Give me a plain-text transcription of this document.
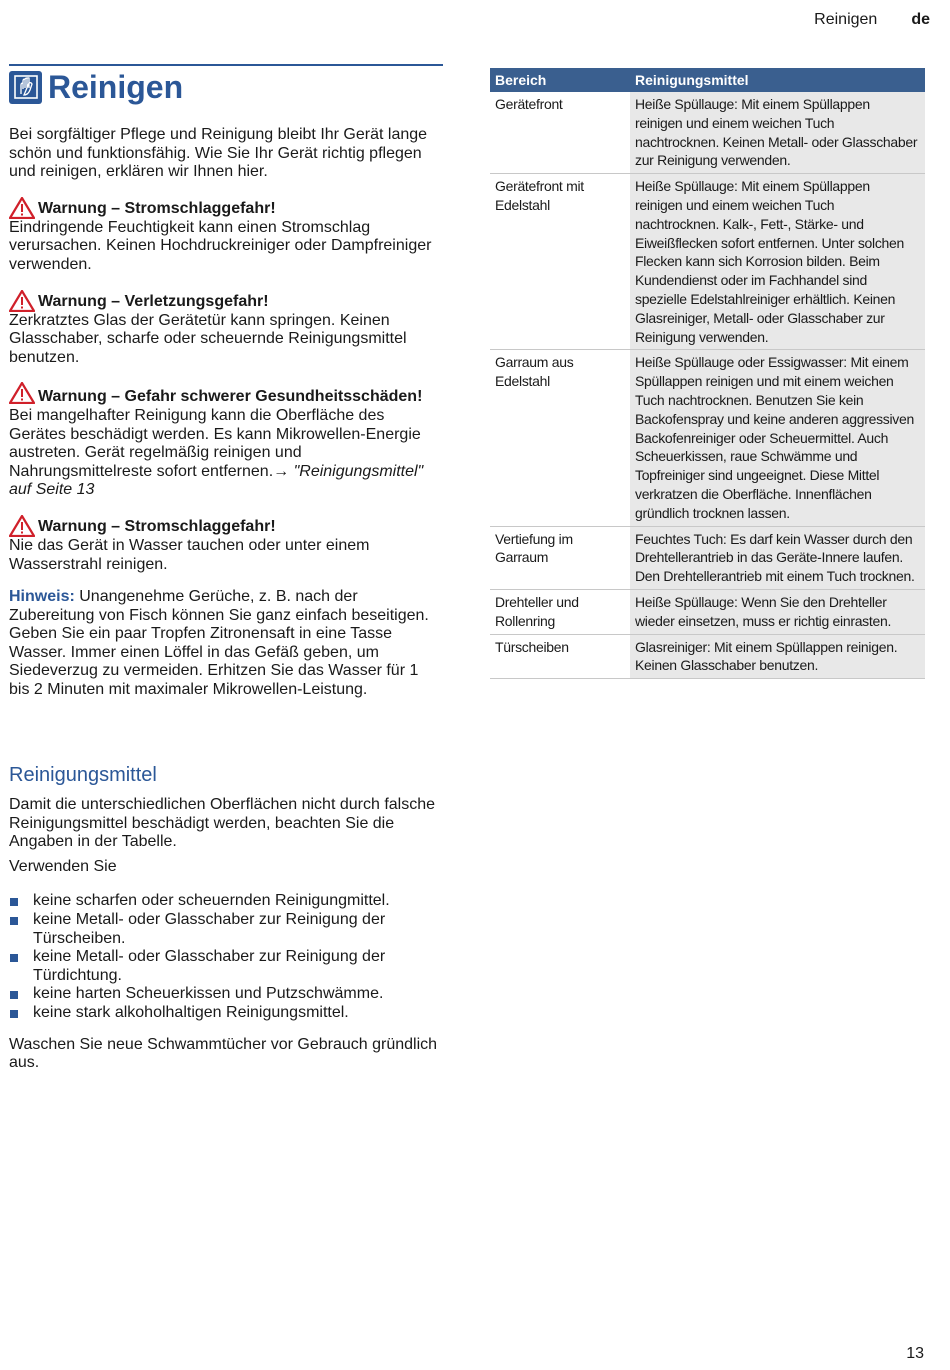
Reinigen de
Reinigen

Bei sorgfältiger Pflege und Reinigung bleibt Ihr Gerät lange schön und funktionsfähig. Wie Sie Ihr Gerät richtig pflegen und reinigen, erklären wir Ihnen hier.

Warnung – Stromschlaggefahr!

Eindringende Feuchtigkeit kann einen Stromschlag verursachen. Keinen Hochdruckreiniger oder Dampfreiniger verwenden.

Warnung – Verletzungsgefahr!

Zerkratztes Glas der Gerätetür kann springen. Keinen Glasschaber, scharfe oder scheuernde Reinigungsmittel benutzen.

Warnung – Gefahr schwerer Gesundheitsschäden!

Bei mangelhafter Reinigung kann die Oberfläche des Gerätes beschädigt werden. Es kann Mikrowellen-Energie austreten. Gerät regelmäßig reinigen und Nahrungsmittelreste sofort entfernen.→ "Reinigungsmittel" auf Seite 13

Warnung – Stromschlaggefahr!

Nie das Gerät in Wasser tauchen oder unter einem Wasserstrahl reinigen.

Hinweis: Unangenehme Gerüche, z. B. nach der Zubereitung von Fisch können Sie ganz einfach beseitigen. Geben Sie ein paar Tropfen Zitronensaft in eine Tasse Wasser. Immer einen Löffel in das Gefäß geben, um Siedeverzug zu vermeiden. Erhitzen Sie das Wasser für 1 bis 2 Minuten mit maximaler Mikrowellen-Leistung.

Reinigungsmittel

Damit die unterschiedlichen Oberflächen nicht durch falsche Reinigungsmittel beschädigt werden, beachten Sie die Angaben in der Tabelle.

Verwenden Sie

keine scharfen oder scheuernden Reinigungmittel.
keine Metall- oder Glasschaber zur Reinigung der Türscheiben.
keine Metall- oder Glasschaber zur Reinigung der Türdichtung.
keine harten Scheuerkissen und Putzschwämme.
keine stark alkoholhaltigen Reinigungsmittel.

Waschen Sie neue Schwammtücher vor Gebrauch gründlich aus.

Bereich	Reinigungsmittel
Gerätefront	Heiße Spüllauge: Mit einem Spüllappen reinigen und einem weichen Tuch nachtrocknen. Keinen Metall- oder Glasschaber zur Reinigung verwenden.
Gerätefront mit Edelstahl	Heiße Spüllauge: Mit einem Spüllappen reinigen und einem weichen Tuch nachtrocknen. Kalk-, Fett-, Stärke- und Eiweißflecken sofort entfernen. Unter solchen Flecken kann sich Korrosion bilden. Beim Kundendienst oder im Fachhandel sind spezielle Edelstahlreiniger erhältlich. Keinen Glasreiniger, Metall- oder Glasschaber zur Reinigung verwenden.
Garraum aus Edelstahl	Heiße Spüllauge oder Essigwasser: Mit einem Spüllappen reinigen und mit einem weichen Tuch nachtrocknen. Benutzen Sie kein Backofenspray und keine anderen aggressiven Backofenreiniger oder Scheuermittel. Auch Scheuerkissen, raue Schwämme und Topfreiniger sind ungeeignet. Diese Mittel verkratzen die Oberfläche. Innenflächen gründlich trocknen lassen.
Vertiefung im Garraum	Feuchtes Tuch: Es darf kein Wasser durch den Drehtellerantrieb in das Geräte-Innere laufen. Den Drehtellerantrieb mit einem Tuch trocknen.
Drehteller und Rollenring	Heiße Spüllauge: Wenn Sie den Drehteller wieder einsetzen, muss er richtig einrasten.
Türscheiben	Glasreiniger: Mit einem Spüllappen reinigen. Keinen Glasschaber benutzen.
13
